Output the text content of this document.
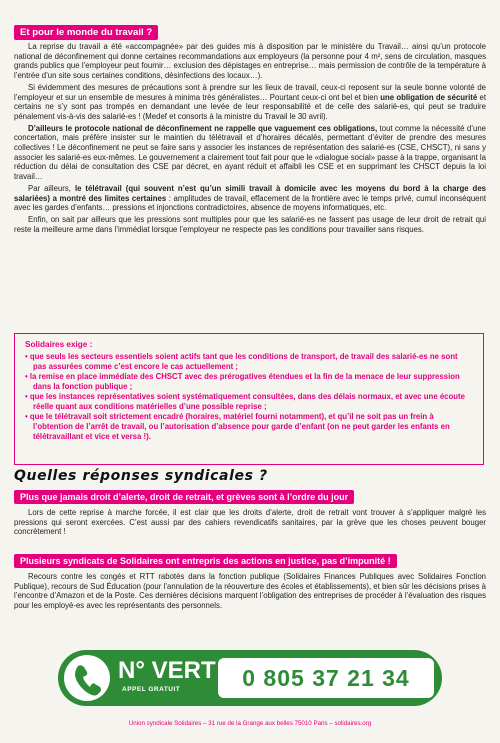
Et pour le monde du travail ?

La reprise du travail a été «accompagnée» par des guides mis à disposition par le ministère du Travail… ainsi qu’un protocole national de déconfinement qui donne certaines recommandations aux employeurs (la personne pour 4 m², sens de circulation, masques grands publics que l’employeur peut fournir… exclusion des dépistages en entreprise… mais permission de contrôle de la température à l’entrée d’un site sous certaines conditions, désinfections des locaux…).

Si évidemment des mesures de précautions sont à prendre sur les lieux de travail, ceux-ci reposent sur la seule bonne volonté de l’employeur et sur un ensemble de mesures à minima très généralistes… Pourtant ceux-ci ont bel et bien une obligation de sécurité et certains ne s’y sont pas trompés en demandant une levée de leur responsabilité et de celle des salarié-es, qui peut se traduire pénalement vis-à-vis des salarié-es ! (Medef et consorts à la ministre du Travail le 30 avril).

D’ailleurs le protocole national de déconfinement ne rappelle que vaguement ces obligations, tout comme la nécessité d’une concertation, mais préfère insister sur le maintien du télétravail et d’horaires décalés, permettant d’éviter de prendre des mesures collectives ! Le déconfinement ne peut se faire sans y associer les instances de représentation des salarié-es (CSE, CHSCT), ni sans y associer les salarié-es eux-mêmes. Le gouvernement a clairement tout fait pour que le «dialogue social» passe à la trappe, organisant la réduction du délai de consultation des CSE par décret, en ayant réduit et affaibli les CSE et en supprimant les CHSCT depuis la loi travail…

Par ailleurs, le télétravail (qui souvent n’est qu’un simili travail à domicile avec les moyens du bord à la charge des salariées) a montré des limites certaines : amplitudes de travail, effacement de la frontière avec le temps privé, cumul inconséquent avec les gardes d’enfants… pressions et injonctions contradictoires, absence de moyens informatiques, etc.

Enfin, on sait par ailleurs que les pressions sont multiples pour que les salarié-es ne fassent pas usage de leur droit de retrait qui reste la meilleure arme dans l’immédiat lorsque l’employeur ne respecte pas les conditions pour travailler sans risques.

Solidaires exige :
• que seuls les secteurs essentiels soient actifs tant que les conditions de transport, de travail des salarié-es ne sont pas assurées comme c’est encore le cas actuellement ;
• la remise en place immédiate des CHSCT avec des prérogatives étendues et la fin de la menace de leur suppression dans la fonction publique ;
• que les instances représentatives soient systématiquement consultées, dans des délais normaux, et avec une écoute réelle quant aux conditions matérielles d’une possible reprise ;
• que le télétravail soit strictement encadré (horaires, matériel fourni notamment), et qu’il ne soit pas un frein à l’obtention de l’arrêt de travail, ou l’autorisation d’absence pour garde d’enfant (on ne peut garder les enfants en télétravaillant et vice et versa !).
Quelles réponses syndicales ?
Plus que jamais droit d’alerte, droit de retrait, et grèves sont à l’ordre du jour

Lors de cette reprise à marche forcée, il est clair que les droits d’alerte, droit de retrait vont trouver à s’appliquer malgré les pressions qui seront exercées. C’est aussi par des cahiers revendicatifs sanitaires, par la grève que les choses peuvent bouger concrètement !

Plusieurs syndicats de Solidaires ont entrepris des actions en justice, pas d’impunité !

Recours contre les congés et RTT rabotés dans la fonction publique (Solidaires Finances Publiques avec Solidaires Fonction Publique), recours de Sud Éducation (pour l’annulation de la réouverture des écoles et établissements), et bien sûr les décisions prises à l’encontre d’Amazon et de la Poste. Ces dernières décisions marquent l’obligation des entreprises de procéder à l’évaluation des risques pour les employé-es avec les représentants des personnels.

N° VERT
APPEL GRATUIT	0 805 37 21 34
Union syndicale Solidaires – 31 rue de la Grange aux belles 75010 Paris – solidaires.org
